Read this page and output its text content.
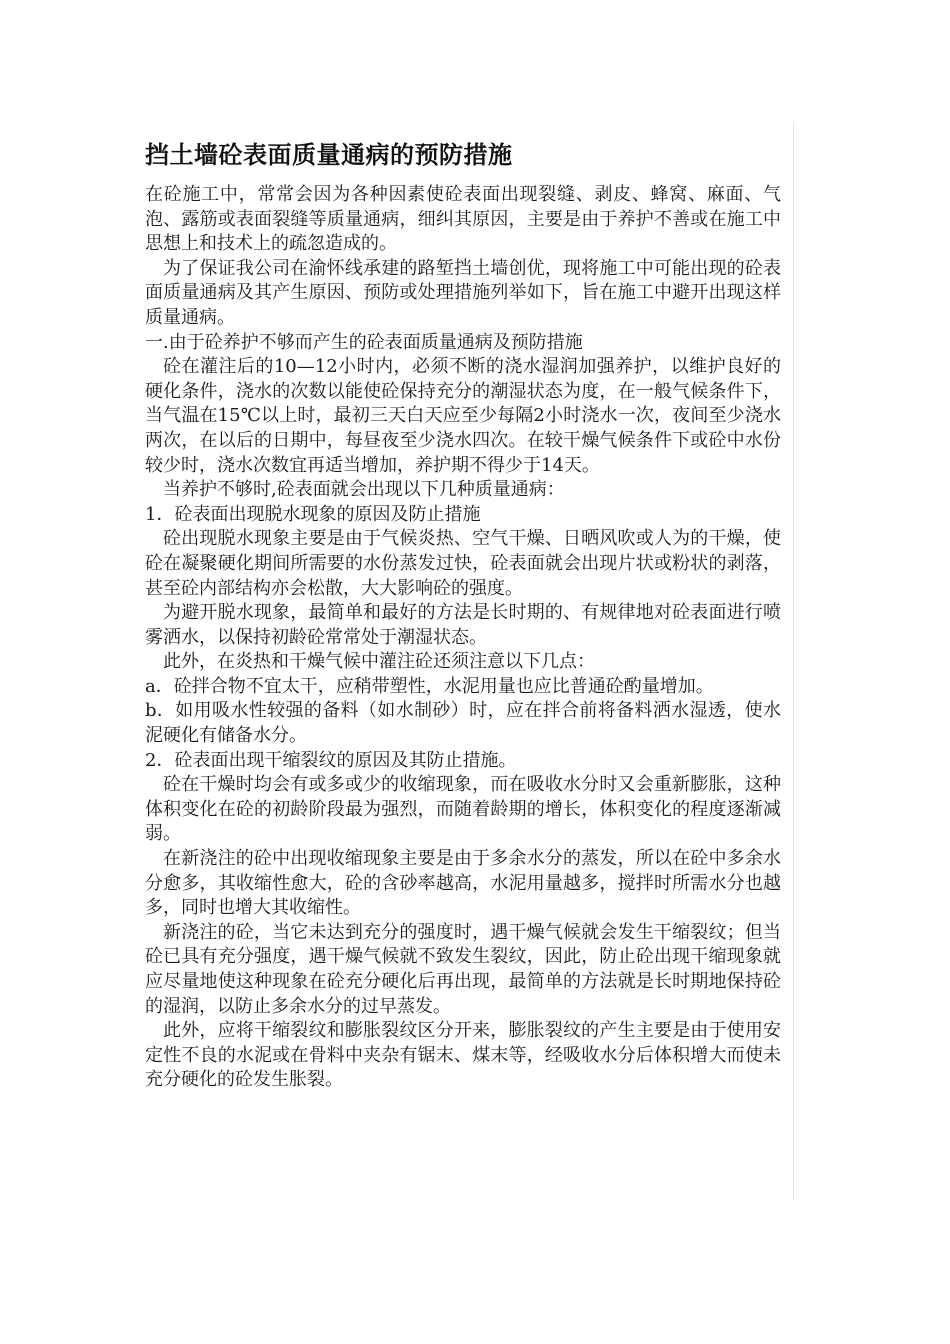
挡土墙砼表面质量通病的预防措施

在砼施工中，常常会因为各种因素使砼表面出现裂缝、剥皮、蜂窝、麻面、气泡、露筋或表面裂缝等质量通病，细纠其原因，主要是由于养护不善或在施工中思想上和技术上的疏忽造成的。

为了保证我公司在渝怀线承建的路堑挡土墙创优，现将施工中可能出现的砼表面质量通病及其产生原因、预防或处理措施列举如下，旨在施工中避开出现这样质量通病。

一.由于砼养护不够而产生的砼表面质量通病及预防措施

砼在灌注后的10—12小时内，必须不断的浇水湿润加强养护，以维护良好的硬化条件，浇水的次数以能使砼保持充分的潮湿状态为度，在一般气候条件下，当气温在15℃以上时，最初三天白天应至少每隔2小时浇水一次，夜间至少浇水两次，在以后的日期中，每昼夜至少浇水四次。在较干燥气候条件下或砼中水份较少时，浇水次数宜再适当增加，养护期不得少于14天。

当养护不够时,砼表面就会出现以下几种质量通病：

1．砼表面出现脱水现象的原因及防止措施

砼出现脱水现象主要是由于气候炎热、空气干燥、日晒风吹或人为的干燥，使砼在凝聚硬化期间所需要的水份蒸发过快，砼表面就会出现片状或粉状的剥落，甚至砼内部结构亦会松散，大大影响砼的强度。

为避开脱水现象，最简单和最好的方法是长时期的、有规律地对砼表面进行喷雾洒水，以保持初龄砼常常处于潮湿状态。

此外，在炎热和干燥气候中灌注砼还须注意以下几点：

a．砼拌合物不宜太干，应稍带塑性，水泥用量也应比普通砼酌量增加。

b．如用吸水性较强的备料（如水制砂）时，应在拌合前将备料洒水湿透，使水泥硬化有储备水分。

2．砼表面出现干缩裂纹的原因及其防止措施。

砼在干燥时均会有或多或少的收缩现象，而在吸收水分时又会重新膨胀，这种体积变化在砼的初龄阶段最为强烈，而随着龄期的增长，体积变化的程度逐渐减弱。

在新浇注的砼中出现收缩现象主要是由于多余水分的蒸发，所以在砼中多余水分愈多，其收缩性愈大，砼的含砂率越高，水泥用量越多，搅拌时所需水分也越多，同时也增大其收缩性。

新浇注的砼，当它未达到充分的强度时，遇干燥气候就会发生干缩裂纹；但当砼已具有充分强度，遇干燥气候就不致发生裂纹，因此，防止砼出现干缩现象就应尽量地使这种现象在砼充分硬化后再出现，最简单的方法就是长时期地保持砼的湿润，以防止多余水分的过早蒸发。

此外，应将干缩裂纹和膨胀裂纹区分开来，膨胀裂纹的产生主要是由于使用安定性不良的水泥或在骨料中夹杂有锯末、煤末等，经吸收水分后体积增大而使未充分硬化的砼发生胀裂。
